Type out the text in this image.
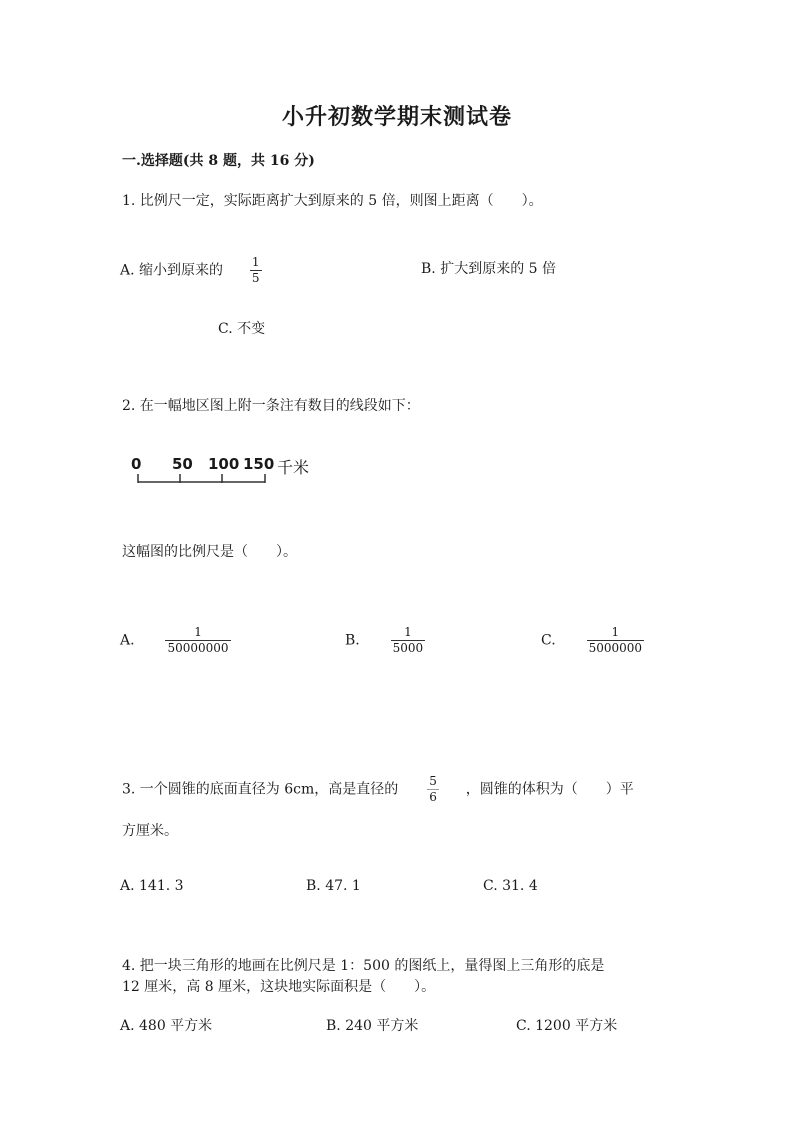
小升初数学期末测试卷
一.选择题(共 8 题，共 16 分)
1. 比例尺一定，实际距离扩大到原来的 5 倍，则图上距离（　　）。
A. 缩小到原来的 $\frac{1}{5}$	B. 扩大到原来的 5 倍
C. 不变
2. 在一幅地区图上附一条注有数目的线段如下：
0 50 100 150 千米
这幅图的比例尺是（　　）。
A.	$\frac{1}{50000000}$	B.	$\frac{1}{5000}$	C.	$\frac{1}{5000000}$
3. 一个圆锥的底面直径为 6cm，高是直径的 $\frac{5}{6}$ ，圆锥的体积为（　　）平
方厘米。
A. 141. 3	B. 47. 1	C. 31. 4
4. 把一块三角形的地画在比例尺是 1：500 的图纸上，量得图上三角形的底是
12 厘米，高 8 厘米，这块地实际面积是（　　）。
A. 480 平方米	B. 240 平方米	C. 1200 平方米
